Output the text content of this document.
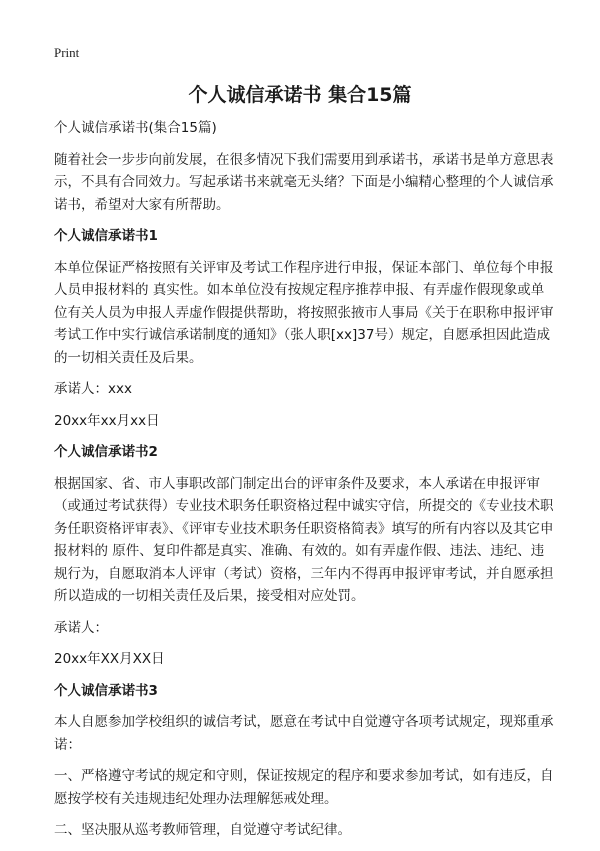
Print
个人诚信承诺书 集合15篇

个人诚信承诺书(集合15篇)

随着社会一步步向前发展，在很多情况下我们需要用到承诺书，承诺书是单方意思表示，不具有合同效力。写起承诺书来就毫无头绪？下面是小编精心整理的个人诚信承诺书，希望对大家有所帮助。

个人诚信承诺书1

本单位保证严格按照有关评审及考试工作程序进行申报，保证本部门、单位每个申报人员申报材料的 真实性。如本单位没有按规定程序推荐申报、有弄虚作假现象或单位有关人员为申报人弄虚作假提供帮助，将按照张掖市人事局《关于在职称申报评审考试工作中实行诚信承诺制度的通知》（张人职[xx]37号）规定，自愿承担因此造成的一切相关责任及后果。

承诺人：xxx

20xx年xx月xx日

个人诚信承诺书2

根据国家、省、市人事职改部门制定出台的评审条件及要求，本人承诺在申报评审（或通过考试获得）专业技术职务任职资格过程中诚实守信，所提交的《专业技术职务任职资格评审表》、《评审专业技术职务任职资格简表》填写的所有内容以及其它申报材料的 原件、复印件都是真实、准确、有效的。如有弄虚作假、违法、违纪、违规行为，自愿取消本人评审（考试）资格，三年内不得再申报评审考试，并自愿承担所以造成的一切相关责任及后果，接受相对应处罚。

承诺人：

20xx年XX月XX日

个人诚信承诺书3

本人自愿参加学校组织的诚信考试，愿意在考试中自觉遵守各项考试规定，现郑重承诺：

一、严格遵守考试的规定和守则，保证按规定的程序和要求参加考试，如有违反，自愿按学校有关违规违纪处理办法理解惩戒处理。

二、坚决服从巡考教师管理，自觉遵守考试纪律。
